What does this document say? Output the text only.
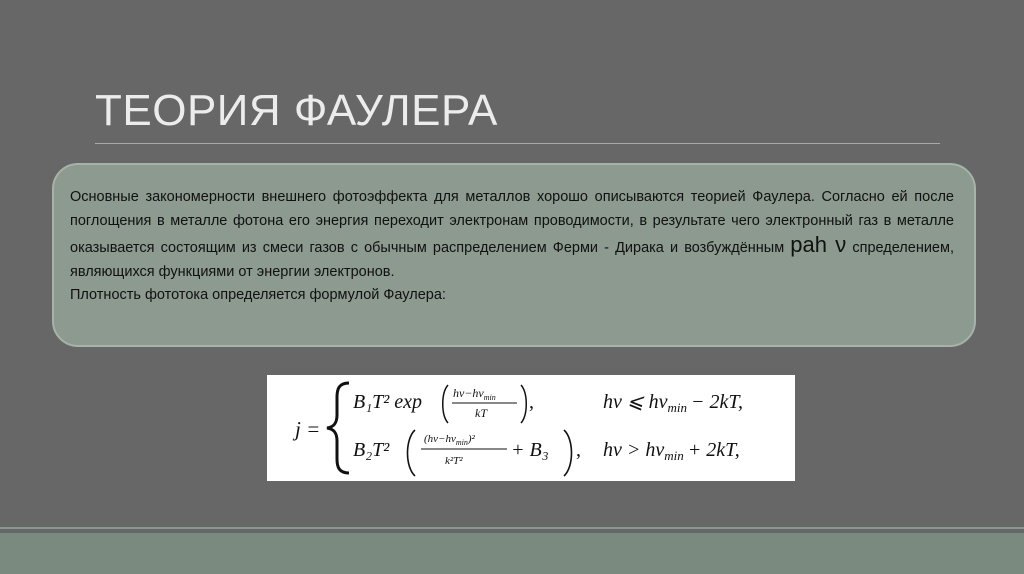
ТЕОРИЯ ФАУЛЕРА

Основные закономерности внешнего фотоэффекта для металлов хорошо описываются теорией Фаулера. Согласно ей после поглощения в металле фотона его энергия переходит электронам проводимости, в результате чего электронный газ в металле оказывается состоящим из смеси газов с обычным распределением Ферми - Дирака и возбуждённым рah ν спределением, являющихся функциями от энергии электронов.

Плотность фототока определяется формулой Фаулера:

j =
B₁T² exp	$h\nu-h\nu_{min}$
kT ,	hν ⩽ $h\nu_{min} - 2kT$,
B₂T²	$(h\nu-h\nu_{min})^2$
k²T² + B₃ , $h\nu > h\nu_{min} + 2kT$,
